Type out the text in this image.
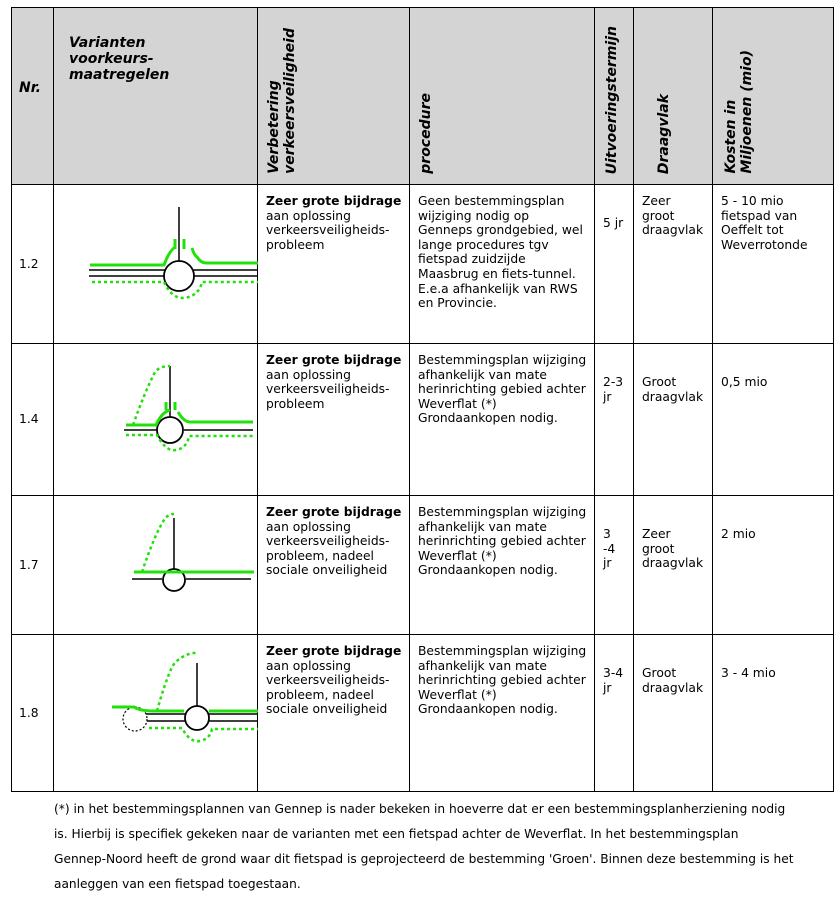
Nr.	Varianten voorkeurs-maatregelen	Verbetering
verkeersveiligheid	procedure	Uitvoeringstermijn	Draagvlak	Kosten in
Miljoenen (mio)

1.2		Zeer grote bijdrage
aan oplossing verkeersveiligheids-probleem	Geen bestemmingsplan wijziging nodig op Genneps grondgebied, wel lange procedures tgv fietspad zuidzijde Maasbrug en fiets-tunnel. E.e.a afhankelijk van RWS en Provincie.	5 jr	Zeer groot draagvlak	5 - 10 mio fietspad van Oeffelt tot Weverrotonde
1.4		Zeer grote bijdrage
aan oplossing verkeersveiligheids-probleem	Bestemmingsplan wijziging afhankelijk van mate herinrichting gebied achter Weverflat (*) Grondaankopen nodig.	2-3 jr	Groot draagvlak	0,5 mio
1.7		Zeer grote bijdrage
aan oplossing verkeersveiligheids-probleem, nadeel sociale onveiligheid	Bestemmingsplan wijziging afhankelijk van mate herinrichting gebied achter Weverflat (*) Grondaankopen nodig.	3 -4 jr	Zeer groot draagvlak	2 mio
1.8		Zeer grote bijdrage
aan oplossing verkeersveiligheids-probleem, nadeel sociale onveiligheid	Bestemmingsplan wijziging afhankelijk van mate herinrichting gebied achter Weverflat (*) Grondaankopen nodig.	3-4 jr	Groot draagvlak	3 - 4 mio
(*) in het bestemmingsplannen van Gennep is nader bekeken in hoeverre dat er een bestemmingsplanherziening nodig is. Hierbij is specifiek gekeken naar de varianten met een fietspad achter de Weverflat. In het bestemmingsplan Gennep-Noord heeft de grond waar dit fietspad is geprojecteerd de bestemming 'Groen'. Binnen deze bestemming is het aanleggen van een fietspad toegestaan.
